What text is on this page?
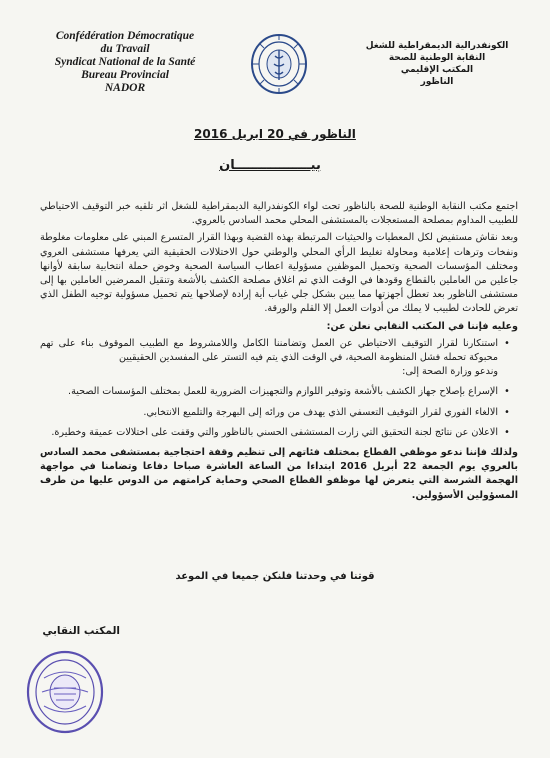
Confédération Démocratique
du Travail
Syndicat National de la Santé
Bureau Provincial
NADOR
الكونفدرالية الديمقراطية للشغل
النقابة الوطنية للصحة
المكتب الإقليمي
الناظور
الناظور في 20 ابريل 2016
بيـــــــــــــــــان

اجتمع مكتب النقابة الوطنية للصحة بالناظور تحت لواء الكونفدرالية الديمقراطية للشغل اثر تلقيه خبر التوقيف الاحتياطي للطبيب المداوم بمصلحة المستعجلات بالمستشفى المحلي محمد السادس بالعروي.

وبعد نقاش مستفيض لكل المعطيات والحيثيات المرتبطة بهذه القضية وبهذا القرار المتسرع المبني على معلومات مغلوطة ونفخات وترهات إعلامية ومحاولة تغليط الرأي المحلي والوطني حول الاختلالات الحقيقية التي يعرفها مستشفى العروي ومختلف المؤسسات الصحية وتحميل الموظفين مسؤولية اعطاب السياسة الصحية وخوض حملة انتخابية سابقة لأوانها جاعلين من العاملين بالقطاع وقودها في الوقت الذي تم اغلاق مصلحة الكشف بالأشعة وتنقيل الممرضين العاملين بها إلى مستشفى الناظور بعد تعطل أجهزتها مما يبين بشكل جلي غياب أية إرادة لإصلاحها يتم تحميل مسؤولية توجيه الطفل الذي تعرض للحادث لطبيب لا يملك من أدوات العمل إلا القلم والورقة.

وعليه فإننا في المكتب النقابي نعلن عن:

• استنكارنا لقرار التوقيف الاحتياطي عن العمل وتضامننا الكامل واللامشروط مع الطبيب الموقوف بناء على تهم محبوكة تحمله فشل المنظومة الصحية، في الوقت الذي يتم فيه التستر على المفسدين الحقيقيين
وندعو وزارة الصحة إلى:
• الإسراع بإصلاح جهاز الكشف بالأشعة وتوفير اللوازم والتجهيزات الضرورية للعمل بمختلف المؤسسات الصحية.
• الالغاء الفوري لقرار التوقيف التعسفي الذي يهدف من ورائه إلى البهرجة والتلميع الانتخابي.
• الاعلان عن نتائج لجنة التحقيق التي زارت المستشفى الحسني بالناظور والتي وقفت على اختلالات عميقة وخطيرة.

ولذلك فإننا ندعو موظفي القطاع بمختلف فئاتهم إلى تنظيم وقفة احتجاجية بمستشفى محمد السادس بالعروي يوم الجمعة 22 أبريل 2016 ابتداءا من الساعة العاشرة صباحا دفاعا وتضامنا في مواجهة الهجمة الشرسة التي يتعرض لها موظفو القطاع الصحي وحماية كرامتهم من الدوس عليها من طرف المسؤولين الأسؤولين.

قوتنا في وحدتنا فلنكن جميعا في الموعد
المكتب النقابي
